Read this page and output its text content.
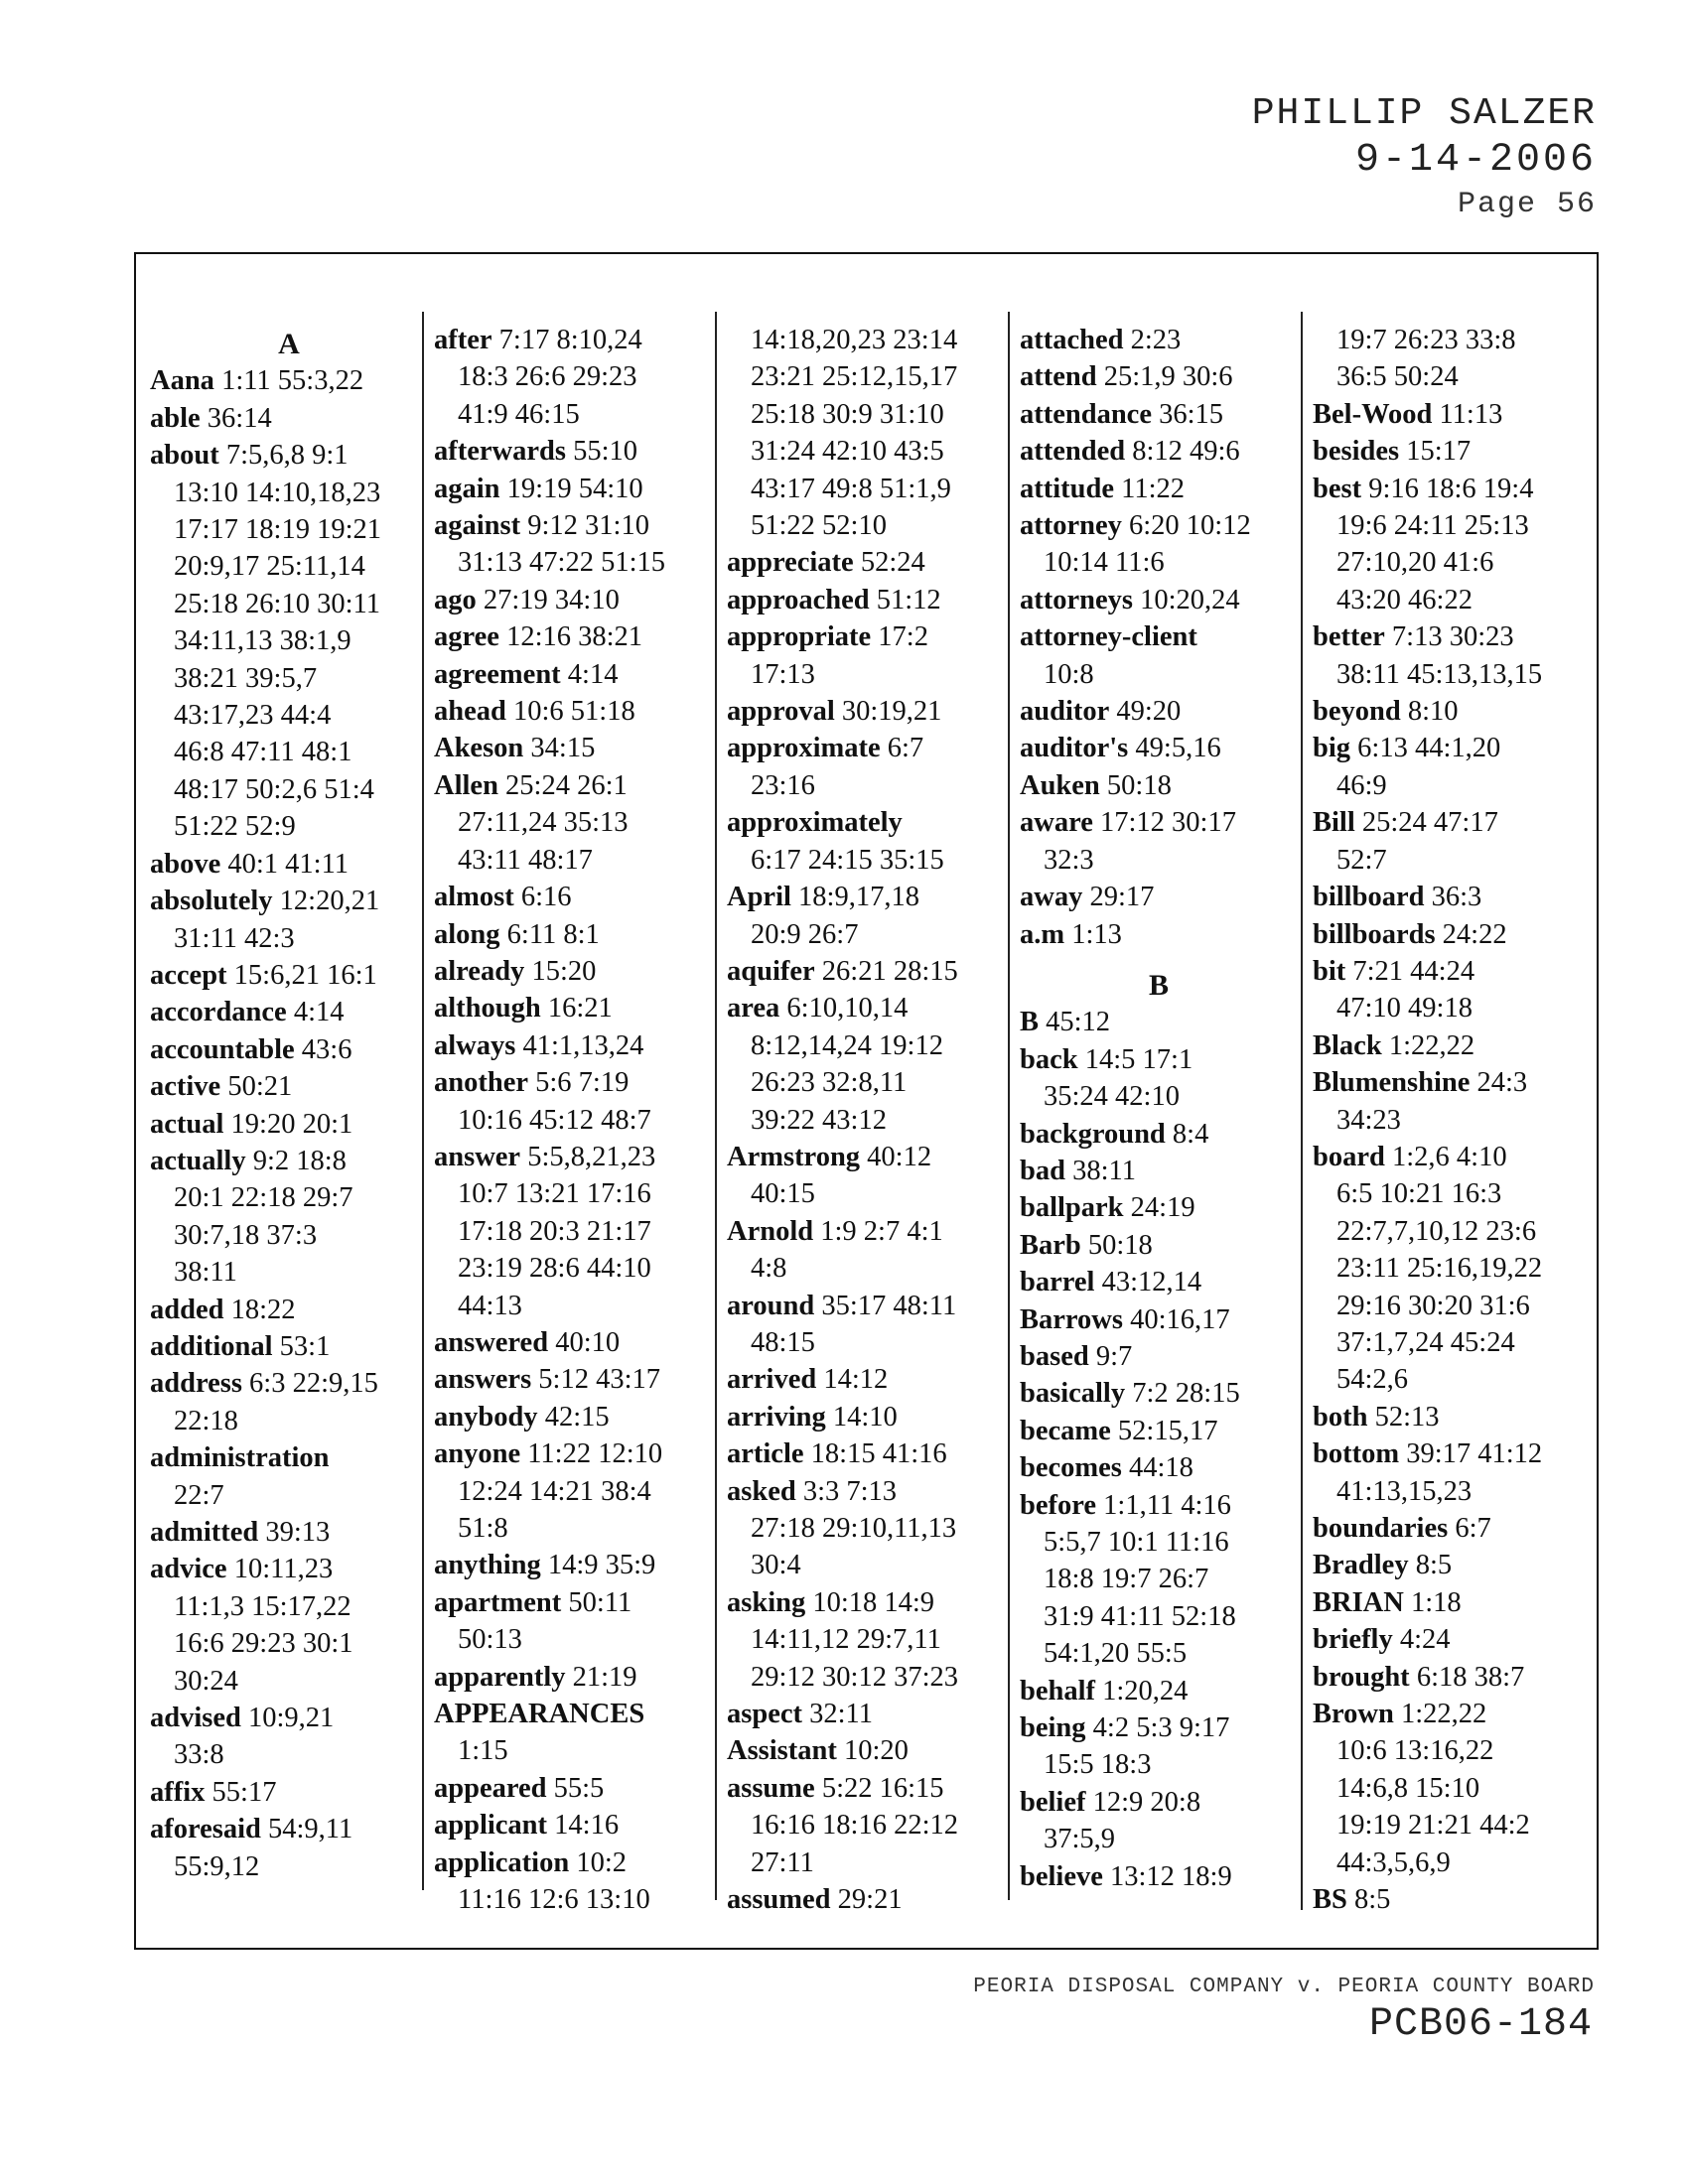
PHILLIP SALZER
9-14-2006
Page 56
A
Aana 1:11 55:3,22
able 36:14
about 7:5,6,8 9:1
13:10 14:10,18,23
17:17 18:19 19:21
20:9,17 25:11,14
25:18 26:10 30:11
34:11,13 38:1,9
38:21 39:5,7
43:17,23 44:4
46:8 47:11 48:1
48:17 50:2,6 51:4
51:22 52:9
above 40:1 41:11
absolutely 12:20,21
31:11 42:3
accept 15:6,21 16:1
accordance 4:14
accountable 43:6
active 50:21
actual 19:20 20:1
actually 9:2 18:8
20:1 22:18 29:7
30:7,18 37:3
38:11
added 18:22
additional 53:1
address 6:3 22:9,15
22:18
administration
22:7
admitted 39:13
advice 10:11,23
11:1,3 15:17,22
16:6 29:23 30:1
30:24
advised 10:9,21
33:8
affix 55:17
aforesaid 54:9,11
55:9,12
after 7:17 8:10,24
18:3 26:6 29:23
41:9 46:15
afterwards 55:10
again 19:19 54:10
against 9:12 31:10
31:13 47:22 51:15
ago 27:19 34:10
agree 12:16 38:21
agreement 4:14
ahead 10:6 51:18
Akeson 34:15
Allen 25:24 26:1
27:11,24 35:13
43:11 48:17
almost 6:16
along 6:11 8:1
already 15:20
although 16:21
always 41:1,13,24
another 5:6 7:19
10:16 45:12 48:7
answer 5:5,8,21,23
10:7 13:21 17:16
17:18 20:3 21:17
23:19 28:6 44:10
44:13
answered 40:10
answers 5:12 43:17
anybody 42:15
anyone 11:22 12:10
12:24 14:21 38:4
51:8
anything 14:9 35:9
apartment 50:11
50:13
apparently 21:19
APPEARANCES
1:15
appeared 55:5
applicant 14:16
application 10:2
11:16 12:6 13:10
14:18,20,23 23:14
23:21 25:12,15,17
25:18 30:9 31:10
31:24 42:10 43:5
43:17 49:8 51:1,9
51:22 52:10
appreciate 52:24
approached 51:12
appropriate 17:2
17:13
approval 30:19,21
approximate 6:7
23:16
approximately
6:17 24:15 35:15
April 18:9,17,18
20:9 26:7
aquifer 26:21 28:15
area 6:10,10,14
8:12,14,24 19:12
26:23 32:8,11
39:22 43:12
Armstrong 40:12
40:15
Arnold 1:9 2:7 4:1
4:8
around 35:17 48:11
48:15
arrived 14:12
arriving 14:10
article 18:15 41:16
asked 3:3 7:13
27:18 29:10,11,13
30:4
asking 10:18 14:9
14:11,12 29:7,11
29:12 30:12 37:23
aspect 32:11
Assistant 10:20
assume 5:22 16:15
16:16 18:16 22:12
27:11
assumed 29:21
attached 2:23
attend 25:1,9 30:6
attendance 36:15
attended 8:12 49:6
attitude 11:22
attorney 6:20 10:12
10:14 11:6
attorneys 10:20,24
attorney-client
10:8
auditor 49:20
auditor's 49:5,16
Auken 50:18
aware 17:12 30:17
32:3
away 29:17
a.m 1:13
B
B 45:12
back 14:5 17:1
35:24 42:10
background 8:4
bad 38:11
ballpark 24:19
Barb 50:18
barrel 43:12,14
Barrows 40:16,17
based 9:7
basically 7:2 28:15
became 52:15,17
becomes 44:18
before 1:1,11 4:16
5:5,7 10:1 11:16
18:8 19:7 26:7
31:9 41:11 52:18
54:1,20 55:5
behalf 1:20,24
being 4:2 5:3 9:17
15:5 18:3
belief 12:9 20:8
37:5,9
believe 13:12 18:9
19:7 26:23 33:8
36:5 50:24
Bel-Wood 11:13
besides 15:17
best 9:16 18:6 19:4
19:6 24:11 25:13
27:10,20 41:6
43:20 46:22
better 7:13 30:23
38:11 45:13,13,15
beyond 8:10
big 6:13 44:1,20
46:9
Bill 25:24 47:17
52:7
billboard 36:3
billboards 24:22
bit 7:21 44:24
47:10 49:18
Black 1:22,22
Blumenshine 24:3
34:23
board 1:2,6 4:10
6:5 10:21 16:3
22:7,7,10,12 23:6
23:11 25:16,19,22
29:16 30:20 31:6
37:1,7,24 45:24
54:2,6
both 52:13
bottom 39:17 41:12
41:13,15,23
boundaries 6:7
Bradley 8:5
BRIAN 1:18
briefly 4:24
brought 6:18 38:7
Brown 1:22,22
10:6 13:16,22
14:6,8 15:10
19:19 21:21 44:2
44:3,5,6,9
BS 8:5
PEORIA DISPOSAL COMPANY v. PEORIA COUNTY BOARD
PCB06-184
